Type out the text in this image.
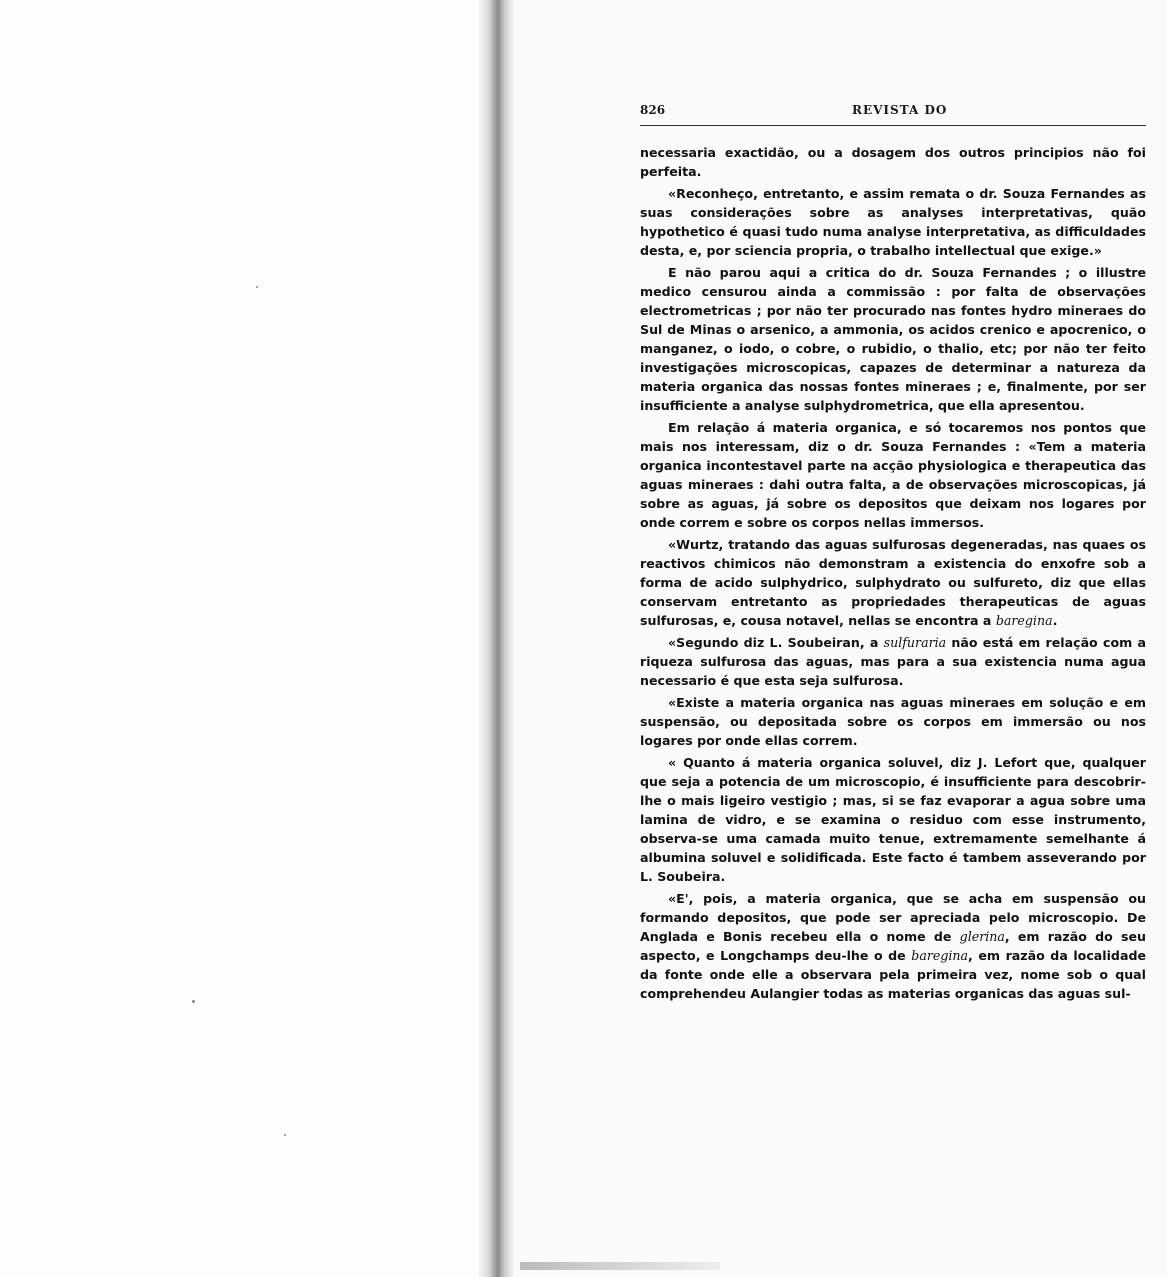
826	REVISTA DO

necessaria exactidão, ou a dosagem dos outros principios não foi perfeita.

«Reconheço, entretanto, e assim remata o dr. Souza Fernandes as suas considerações sobre as analyses interpretativas, quão hypothetico é quasi tudo numa analyse interpretativa, as difficuldades desta, e, por sciencia propria, o trabalho intellectual que exige.»

E não parou aqui a critica do dr. Souza Fernandes ; o illustre medico censurou ainda a commissão : por falta de observações electrometricas ; por não ter procurado nas fontes hydro mineraes do Sul de Minas o arsenico, a ammonia, os acidos crenico e apocrenico, o manganez, o iodo, o cobre, o rubidio, o thalio, etc; por não ter feito investigações microscopicas, capazes de determinar a natureza da materia organica das nossas fontes mineraes ; e, finalmente, por ser insufficiente a analyse sulphydrometrica, que ella apresentou.

Em relação á materia organica, e só tocaremos nos pontos que mais nos interessam, diz o dr. Souza Fernandes : «Tem a materia organica incontestavel parte na acção physiologica e therapeutica das aguas mineraes : dahi outra falta, a de observações microscopicas, já sobre as aguas, já sobre os depositos que deixam nos logares por onde correm e sobre os corpos nellas immersos.

«Wurtz, tratando das aguas sulfurosas degeneradas, nas quaes os reactivos chimicos não demonstram a existencia do enxofre sob a forma de acido sulphydrico, sulphydrato ou sulfureto, diz que ellas conservam entretanto as propriedades therapeuticas de aguas sulfurosas, e, cousa notavel, nellas se encontra a baregina.

«Segundo diz L. Soubeiran, a sulfuraria não está em relação com a riqueza sulfurosa das aguas, mas para a sua existencia numa agua necessario é que esta seja sulfurosa.

«Existe a materia organica nas aguas mineraes em solução e em suspensão, ou depositada sobre os corpos em immersão ou nos logares por onde ellas correm.

« Quanto á materia organica soluvel, diz J. Lefort que, qualquer que seja a potencia de um microscopio, é insufficiente para descobrir-lhe o mais ligeiro vestigio ; mas, si se faz evaporar a agua sobre uma lamina de vidro, e se examina o residuo com esse instrumento, observa-se uma camada muito tenue, extremamente semelhante á albumina soluvel e solidificada. Este facto é tambem asseverando por L. Soubeira.

«E', pois, a materia organica, que se acha em suspensão ou formando depositos, que pode ser apreciada pelo microscopio. De Anglada e Bonis recebeu ella o nome de glerina, em razão do seu aspecto, e Longchamps deu-lhe o de baregina, em razão da localidade da fonte onde elle a observara pela primeira vez, nome sob o qual comprehendeu Aulangier todas as materias organicas das aguas sul-
